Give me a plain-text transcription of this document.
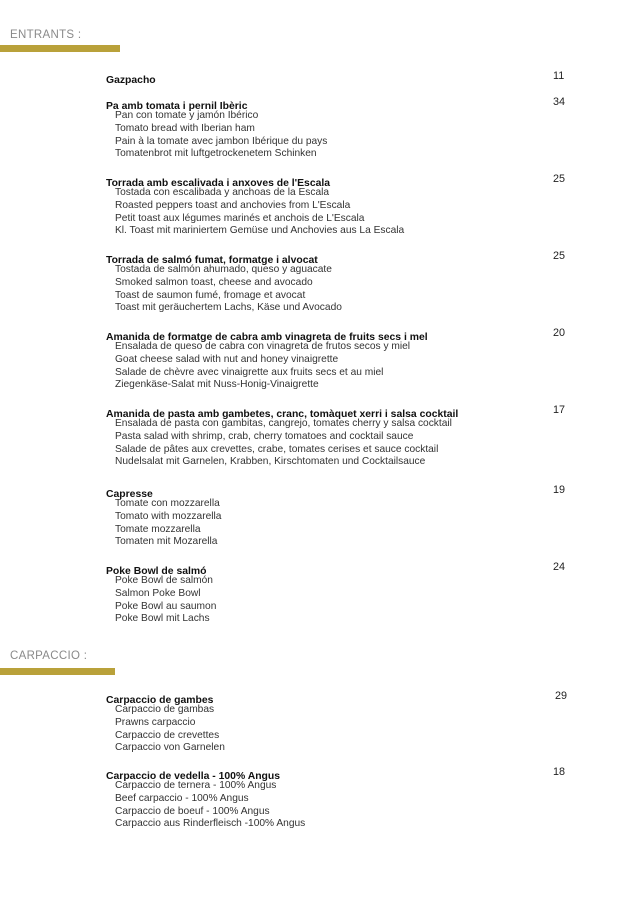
ENTRANTS :
Gazpacho	11
Pa amb tomata i pernil Ibèric	34
Pan con tomate y jamón Ibérico
Tomato bread with Iberian ham
Pain à la tomate avec jambon Ibérique du pays
Tomatenbrot mit luftgetrockenetem Schinken
Torrada amb escalivada i anxoves de l'Escala	25
Tostada con escalibada y anchoas de la Escala
Roasted peppers toast and anchovies from L'Escala
Petit toast aux légumes marinés et anchois de L'Escala
Kl. Toast mit mariniertem Gemüse und Anchovies aus La Escala
Torrada de salmó fumat, formatge i alvocat	25
Tostada de salmón ahumado, queso y aguacate
Smoked salmon toast, cheese and avocado
Toast de saumon fumé, fromage et avocat
Toast mit geräuchertem Lachs, Käse und Avocado
Amanida de formatge de cabra amb vinagreta de fruits secs i mel	20
Ensalada de queso de cabra con vinagreta de frutos secos y miel
Goat cheese salad with nut and honey vinaigrette
Salade de chèvre avec vinaigrette aux fruits secs et au miel
Ziegenkäse-Salat mit Nuss-Honig-Vinaigrette
Amanida de pasta amb gambetes, cranc, tomàquet xerri i salsa cocktail	17
Ensalada de pasta con gambitas, cangrejo, tomates cherry y salsa cocktail
Pasta salad with shrimp, crab, cherry tomatoes and cocktail sauce
Salade de pâtes aux crevettes, crabe, tomates cerises et sauce cocktail
Nudelsalat mit Garnelen, Krabben, Kirschtomaten und Cocktailsauce
Capresse	19
Tomate con mozzarella
Tomato with mozzarella
Tomate mozzarella
Tomaten mit Mozarella
Poke Bowl de salmó	24
Poke Bowl de salmón
Salmon Poke Bowl
Poke Bowl au saumon
Poke Bowl mit Lachs
CARPACCIO :
Carpaccio de gambes	29
Carpaccio de gambas
Prawns carpaccio
Carpaccio de crevettes
Carpaccio von Garnelen
Carpaccio de vedella - 100% Angus	18
Carpaccio de ternera - 100% Angus
Beef carpaccio - 100% Angus
Carpaccio de boeuf - 100% Angus
Carpaccio aus Rinderfleisch -100% Angus
